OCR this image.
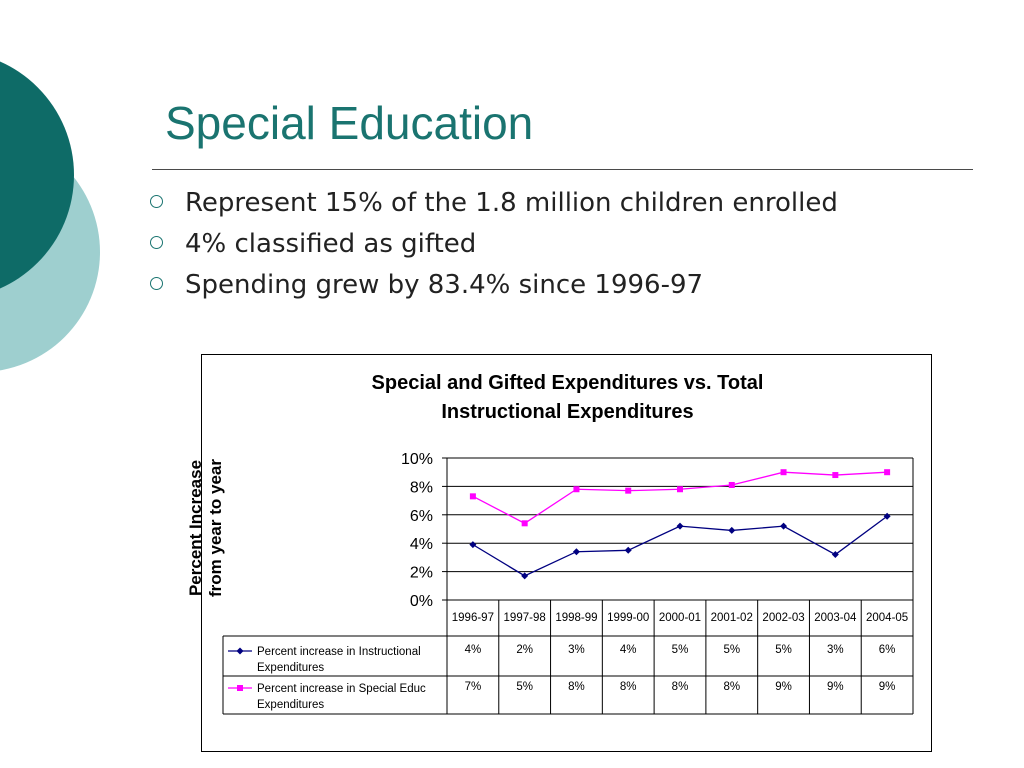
Special Education
Represent 15% of the 1.8 million children enrolled
4% classified as gifted
Spending grew by 83.4% since 1996-97
Special and Gifted Expenditures vs. Total
Instructional Expenditures
Percent Increase from year to year
0%
2%
4%
6%
8%
10%
1996-97 1997-98 1998-99 1999-00 2000-01 2001-02 2002-03 2003-04 2004-05
Percent increase in Instructional Expenditures
4%	2%	3%	4%	5%	5%	5%	3%	6%
Percent increase in Special Educ Expenditures
7%	5%	8%	8%	8%	8%	9%	9%	9%
